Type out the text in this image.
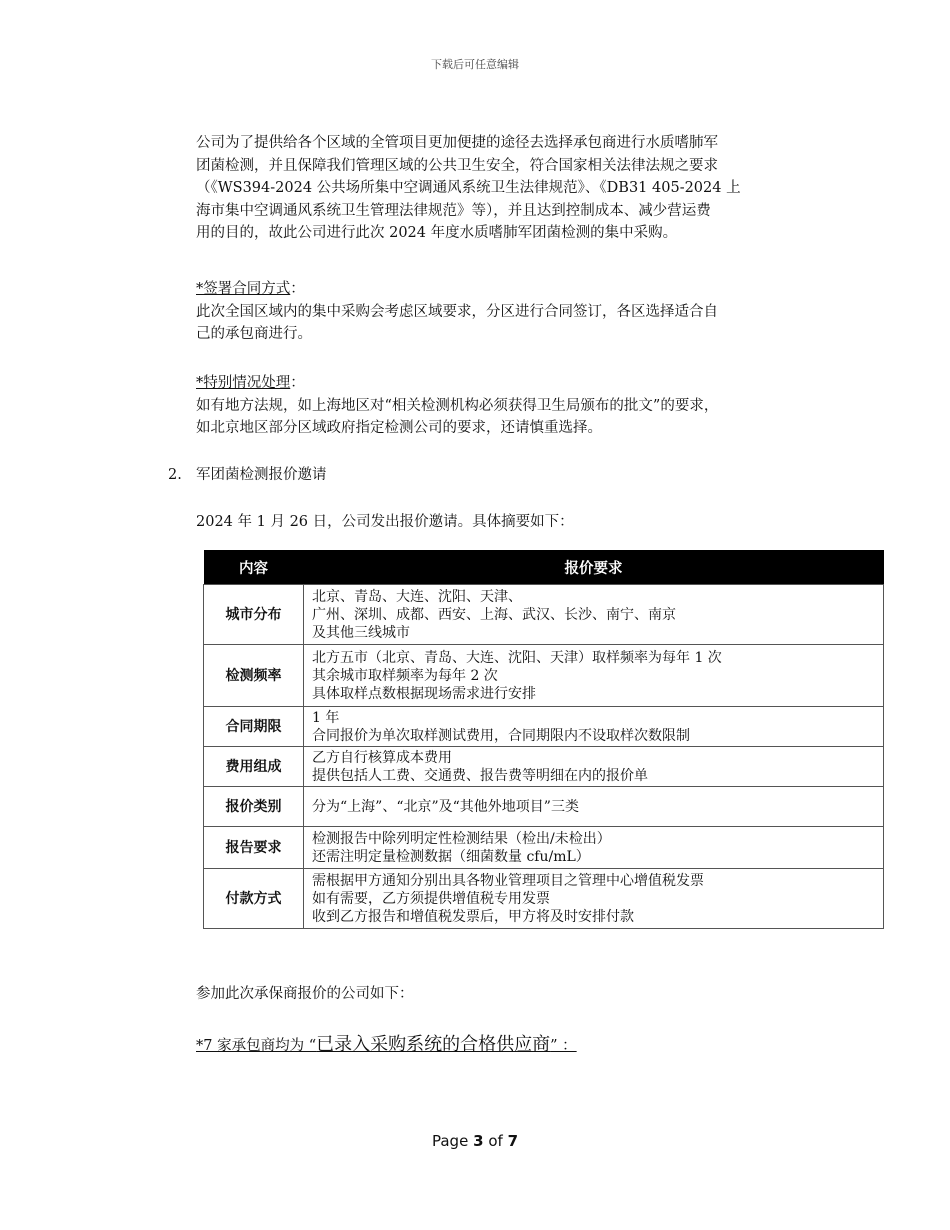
下载后可任意编辑
公司为了提供给各个区域的全管项目更加便捷的途径去选择承包商进行水质嗜肺军
团菌检测，并且保障我们管理区域的公共卫生安全，符合国家相关法律法规之要求
（《WS394-2024 公共场所集中空调通风系统卫生法律规范》、《DB31 405-2024 上
海市集中空调通风系统卫生管理法律规范》等），并且达到控制成本、减少营运费
用的目的，故此公司进行此次 2024 年度水质嗜肺军团菌检测的集中采购。
*签署合同方式：
此次全国区域内的集中采购会考虑区域要求，分区进行合同签订，各区选择适合自
己的承包商进行。
*特别情况处理：
如有地方法规，如上海地区对“相关检测机构必须获得卫生局颁布的批文”的要求，
如北京地区部分区域政府指定检测公司的要求，还请慎重选择。
2. 军团菌检测报价邀请
2024 年 1 月 26 日，公司发出报价邀请。具体摘要如下：
内容	报价要求
城市分布	北京、青岛、大连、沈阳、天津、
广州、深圳、成都、西安、上海、武汉、长沙、南宁、南京
及其他三线城市

检测频率	北方五市（北京、青岛、大连、沈阳、天津）取样频率为每年 1 次
其余城市取样频率为每年 2 次
具体取样点数根据现场需求进行安排

合同期限	1 年
合同报价为单次取样测试费用，合同期限内不设取样次数限制

费用组成	乙方自行核算成本费用
提供包括人工费、交通费、报告费等明细在内的报价单

报价类别	分为“上海”、“北京”及“其他外地项目”三类

报告要求	检测报告中除列明定性检测结果（检出/未检出）
还需注明定量检测数据（细菌数量 cfu/mL）

付款方式	需根据甲方通知分别出具各物业管理项目之管理中心增值税发票
如有需要，乙方须提供增值税专用发票
收到乙方报告和增值税发票后，甲方将及时安排付款
参加此次承保商报价的公司如下：
*7 家承包商均为 “已录入采购系统的合格供应商” ：
Page 3 of 7
